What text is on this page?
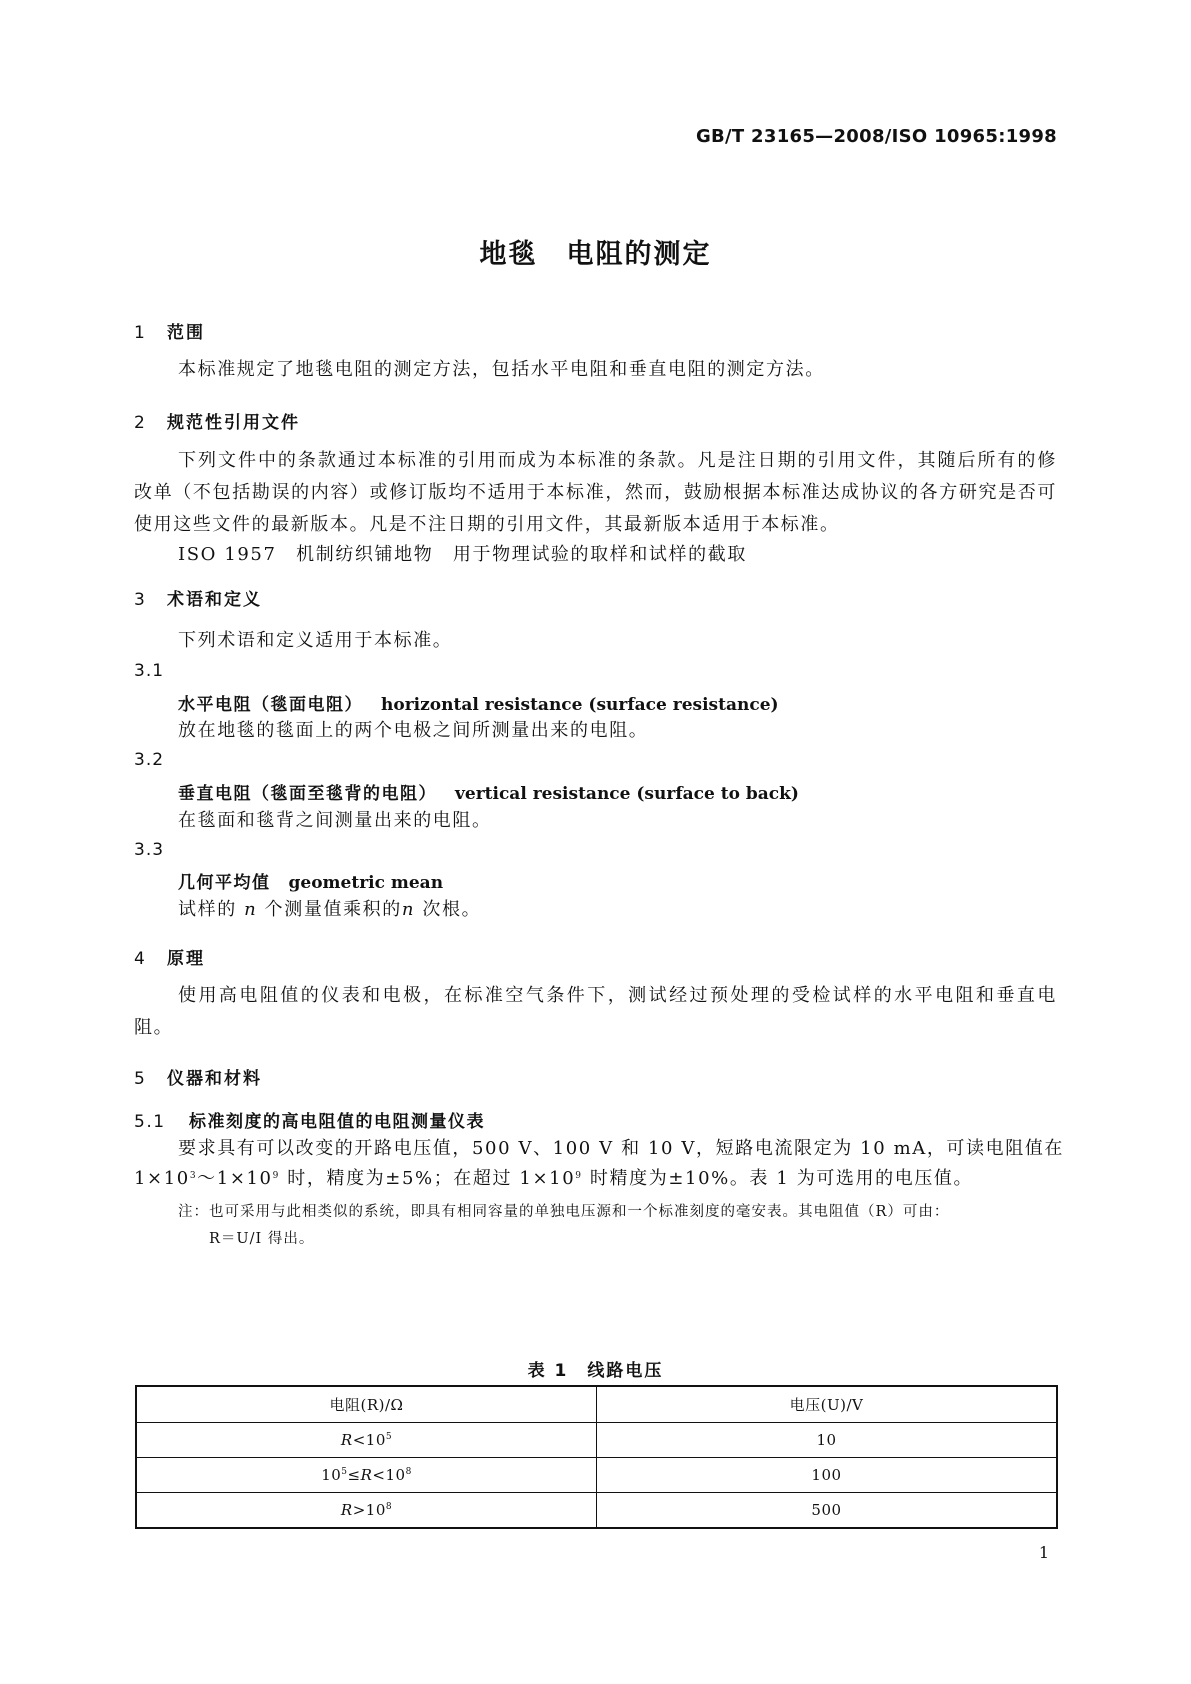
GB/T 23165—2008/ISO 10965:1998
地毯　电阻的测定
1 范围
本标准规定了地毯电阻的测定方法，包括水平电阻和垂直电阻的测定方法。
2 规范性引用文件
下列文件中的条款通过本标准的引用而成为本标准的条款。凡是注日期的引用文件，其随后所有的修改单（不包括勘误的内容）或修订版均不适用于本标准，然而，鼓励根据本标准达成协议的各方研究是否可使用这些文件的最新版本。凡是不注日期的引用文件，其最新版本适用于本标准。
ISO 1957　机制纺织铺地物　用于物理试验的取样和试样的截取
3 术语和定义
下列术语和定义适用于本标准。
3.1
水平电阻（毯面电阻） horizontal resistance (surface resistance)
放在地毯的毯面上的两个电极之间所测量出来的电阻。
3.2
垂直电阻（毯面至毯背的电阻） vertical resistance (surface to back)
在毯面和毯背之间测量出来的电阻。
3.3
几何平均值 geometric mean
试样的 n 个测量值乘积的n 次根。
4 原理
使用高电阻值的仪表和电极，在标准空气条件下，测试经过预处理的受检试样的水平电阻和垂直电阻。
5 仪器和材料
5.1 标准刻度的高电阻值的电阻测量仪表
要求具有可以改变的开路电压值，500 V、100 V 和 10 V，短路电流限定为 10 mA，可读电阻值在
$1\times 10^3\sim 1\times 10^9$ 时，精度为±5%；在超过 $1\times 10^9$ 时精度为±10%。表 1 为可选用的电压值。
注：也可采用与此相类似的系统，即具有相同容量的单独电压源和一个标准刻度的毫安表。其电阻值（R）可由：
R＝U/I 得出。
表 1　线路电压
电阻(R)/Ω	电压(U)/V
$R<10^5$	10
$10^5\le R<10^8$	100
$R>10^8$	500
1
